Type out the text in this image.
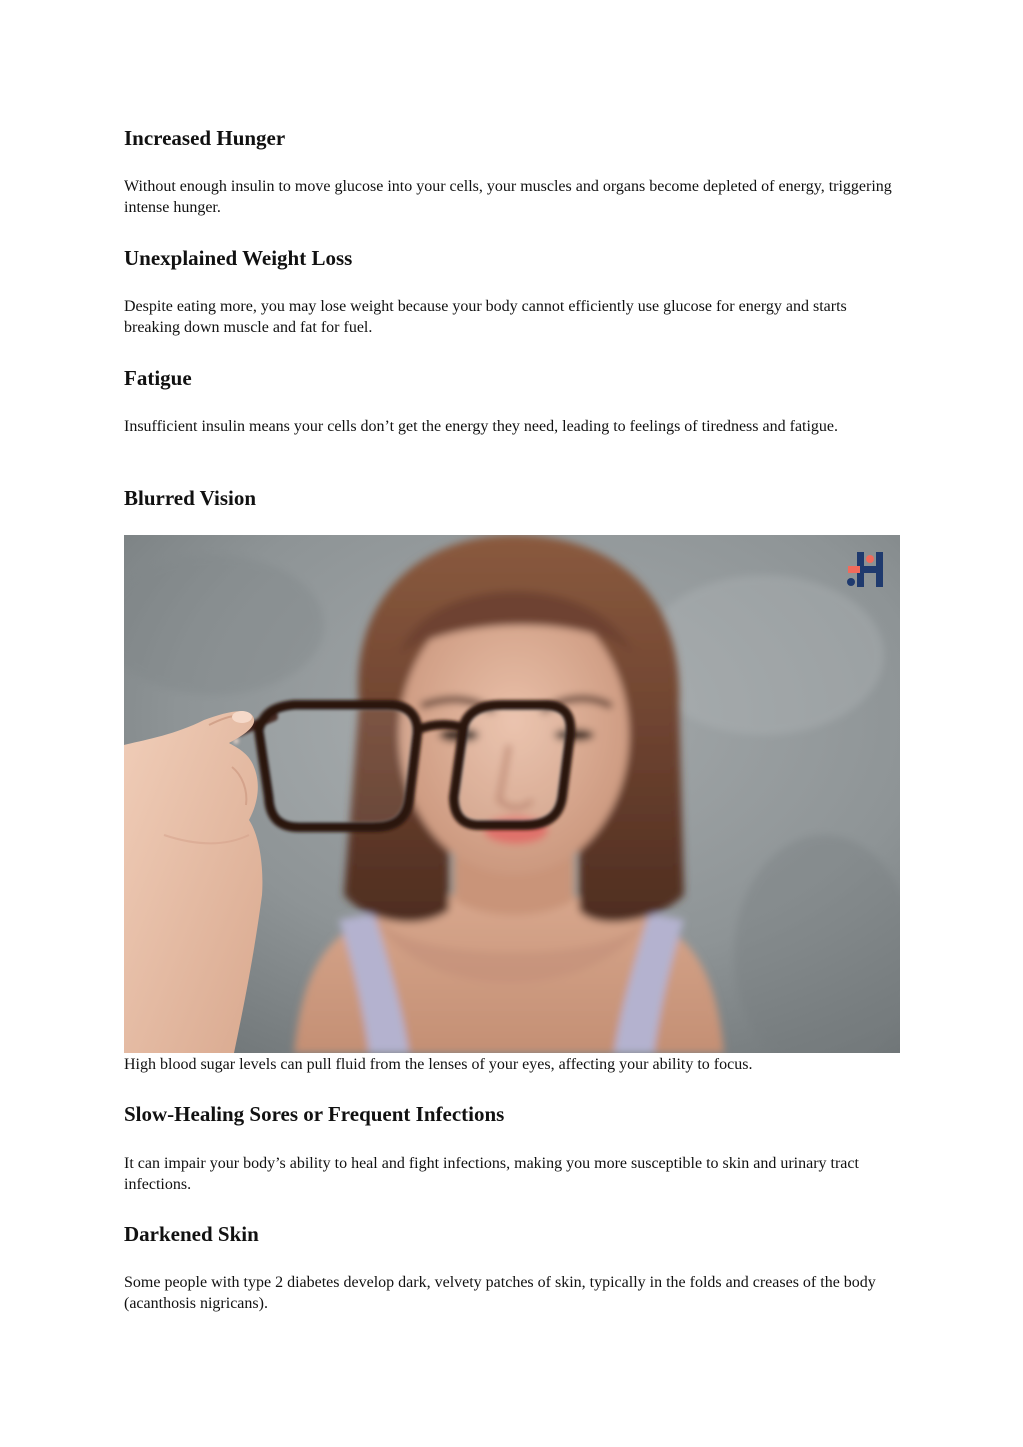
Increased Hunger

Without enough insulin to move glucose into your cells, your muscles and organs become depleted of energy, triggering intense hunger.

Unexplained Weight Loss

Despite eating more, you may lose weight because your body cannot efficiently use glucose for energy and starts breaking down muscle and fat for fuel.

Fatigue

Insufficient insulin means your cells don’t get the energy they need, leading to feelings of tiredness and fatigue.

Blurred Vision

High blood sugar levels can pull fluid from the lenses of your eyes, affecting your ability to focus.

Slow-Healing Sores or Frequent Infections

It can impair your body’s ability to heal and fight infections, making you more susceptible to skin and urinary tract infections.

Darkened Skin

Some people with type 2 diabetes develop dark, velvety patches of skin, typically in the folds and creases of the body (acanthosis nigricans).
